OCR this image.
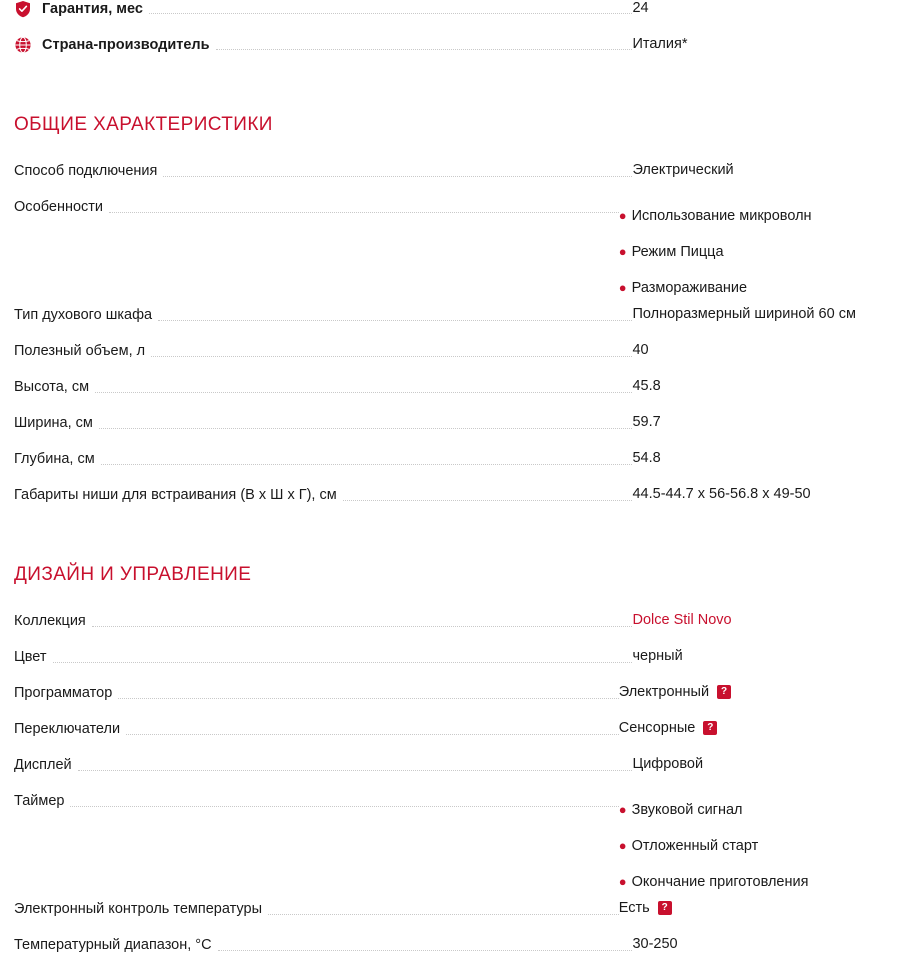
Гарантия, мес	24
Страна-производитель	Италия*
ОБЩИЕ ХАРАКТЕРИСТИКИ
Способ подключения	Электрический
Особенности
● Использование микроволн
● Режим Пицца
● Размораживание
Тип духового шкафа	Полноразмерный шириной 60 см
Полезный объем, л	40
Высота, см	45.8
Ширина, см	59.7
Глубина, см	54.8
Габариты ниши для встраивания (В x Ш x Г), см	44.5-44.7 x 56-56.8 x 49-50
ДИЗАЙН И УПРАВЛЕНИЕ
Коллекция	Dolce Stil Novo
Цвет	черный
Программатор	Электронный	?
Переключатели	Сенсорные	?
Дисплей	Цифровой
Таймер
● Звуковой сигнал
● Отложенный старт
● Окончание приготовления
Электронный контроль температуры	Есть	?
Температурный диапазон, °C	30-250
